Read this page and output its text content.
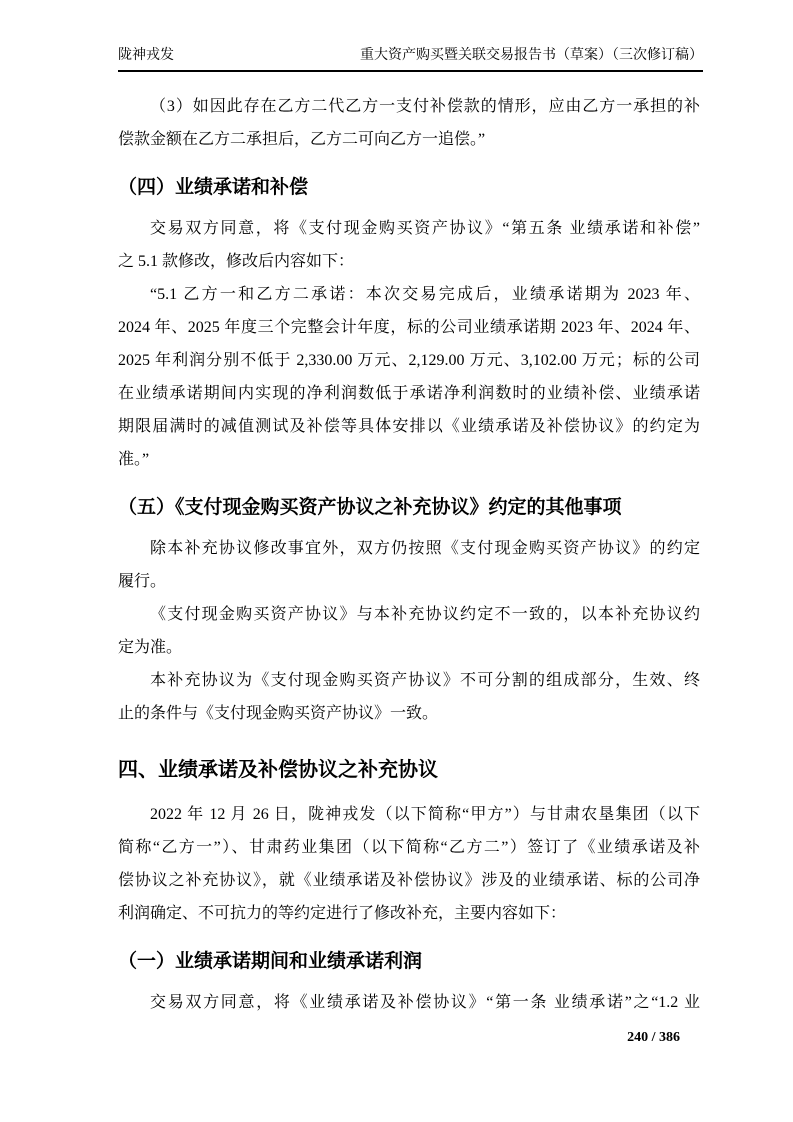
陇神戎发	重大资产购买暨关联交易报告书（草案）（三次修订稿）
（3）如因此存在乙方二代乙方一支付补偿款的情形，应由乙方一承担的补
偿款金额在乙方二承担后，乙方二可向乙方一追偿。”
（四）业绩承诺和补偿
交易双方同意，将《支付现金购买资产协议》“第五条 业绩承诺和补偿”
之 5.1 款修改，修改后内容如下：
“5.1 乙方一和乙方二承诺：本次交易完成后，业绩承诺期为 2023 年、
2024 年、2025 年度三个完整会计年度，标的公司业绩承诺期 2023 年、2024 年、
2025 年利润分别不低于 2,330.00 万元、2,129.00 万元、3,102.00 万元；标的公司
在业绩承诺期间内实现的净利润数低于承诺净利润数时的业绩补偿、业绩承诺
期限届满时的减值测试及补偿等具体安排以《业绩承诺及补偿协议》的约定为
准。”
（五）《支付现金购买资产协议之补充协议》约定的其他事项
除本补充协议修改事宜外，双方仍按照《支付现金购买资产协议》的约定
履行。
《支付现金购买资产协议》与本补充协议约定不一致的，以本补充协议约
定为准。
本补充协议为《支付现金购买资产协议》不可分割的组成部分，生效、终
止的条件与《支付现金购买资产协议》一致。
四、业绩承诺及补偿协议之补充协议
2022 年 12 月 26 日，陇神戎发（以下简称“甲方”）与甘肃农垦集团（以下
简称“乙方一”）、甘肃药业集团（以下简称“乙方二”）签订了《业绩承诺及补
偿协议之补充协议》，就《业绩承诺及补偿协议》涉及的业绩承诺、标的公司净
利润确定、不可抗力的等约定进行了修改补充，主要内容如下：
（一）业绩承诺期间和业绩承诺利润
交易双方同意，将《业绩承诺及补偿协议》“第一条 业绩承诺”之“1.2 业
240 / 386
